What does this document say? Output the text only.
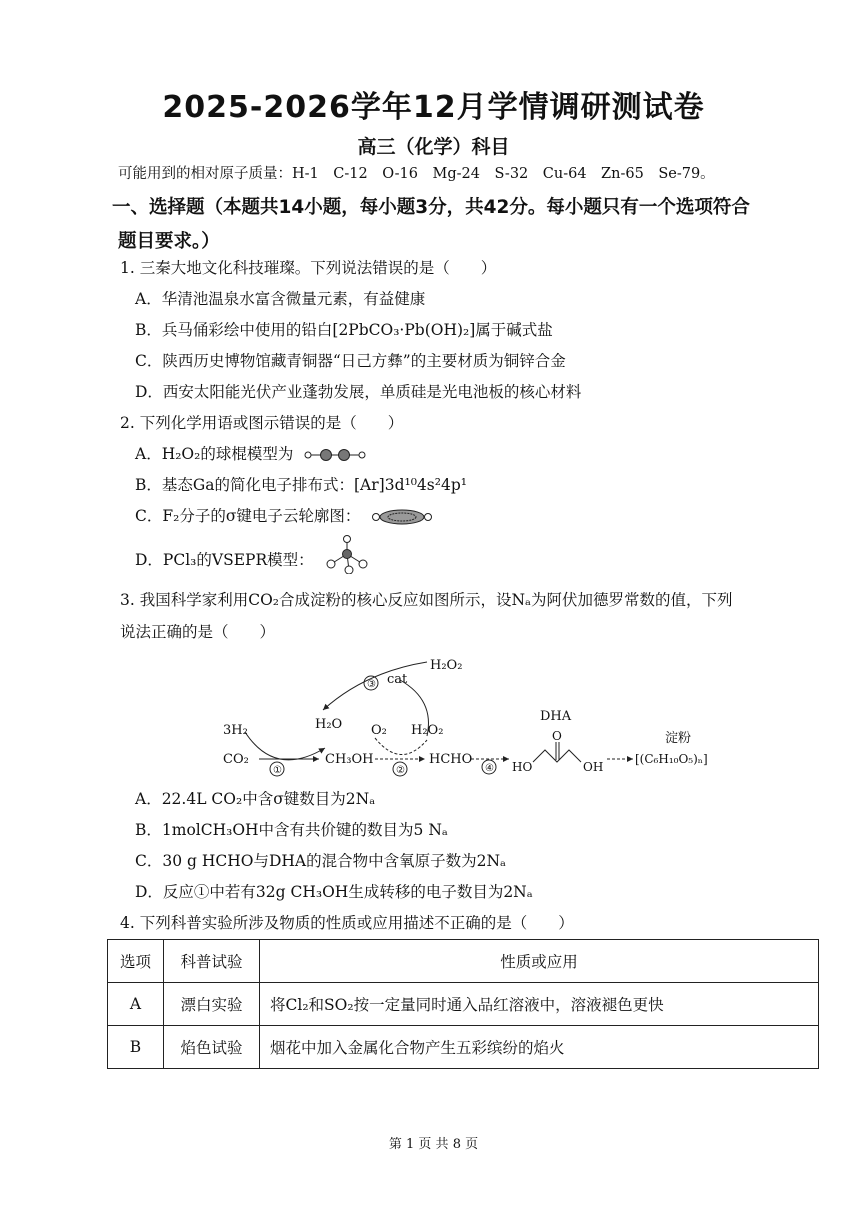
2025-2026学年12月学情调研测试卷
高三（化学）科目
可能用到的相对原子质量：H-1　C-12　O-16　Mg-24　S-32　Cu-64　Zn-65　Se-79。
一、选择题（本题共14小题，每小题3分，共42分。每小题只有一个选项符合
题目要求。）
1. 三秦大地文化科技璀璨。下列说法错误的是（　　）
A．华清池温泉水富含微量元素，有益健康
B．兵马俑彩绘中使用的铅白[2PbCO₃·Pb(OH)₂]属于碱式盐
C．陕西历史博物馆藏青铜器“日己方彝”的主要材质为铜锌合金
D．西安太阳能光伏产业蓬勃发展，单质硅是光电池板的核心材料
2. 下列化学用语或图示错误的是（　　）
A．H₂O₂的球棍模型为
B．基态Ga的简化电子排布式：[Ar]3d¹⁰4s²4p¹
C．F₂分子的σ键电子云轮廓图：
D．PCl₃的VSEPR模型：
3. 我国科学家利用CO₂合成淀粉的核心反应如图所示，设Nₐ为阿伏加德罗常数的值，下列
说法正确的是（　　）
H₂O₂
cat
③
3H₂	H₂O O₂ H₂O₂
DHA
淀粉
CO₂
①
CH₃OH
②
HCHO
④ HO
O
OH
[(C₆H₁₀O₅)ₙ]
A．22.4L CO₂中含σ键数目为2Nₐ
B．1molCH₃OH中含有共价键的数目为5 Nₐ
C．30 g HCHO与DHA的混合物中含氧原子数为2Nₐ
D．反应①中若有32g CH₃OH生成转移的电子数目为2Nₐ
4. 下列科普实验所涉及物质的性质或应用描述不正确的是（　　）
选项	科普试验	性质或应用
A	漂白实验	将Cl₂和SO₂按一定量同时通入品红溶液中，溶液褪色更快
B	焰色试验	烟花中加入金属化合物产生五彩缤纷的焰火
第 1 页 共 8 页
